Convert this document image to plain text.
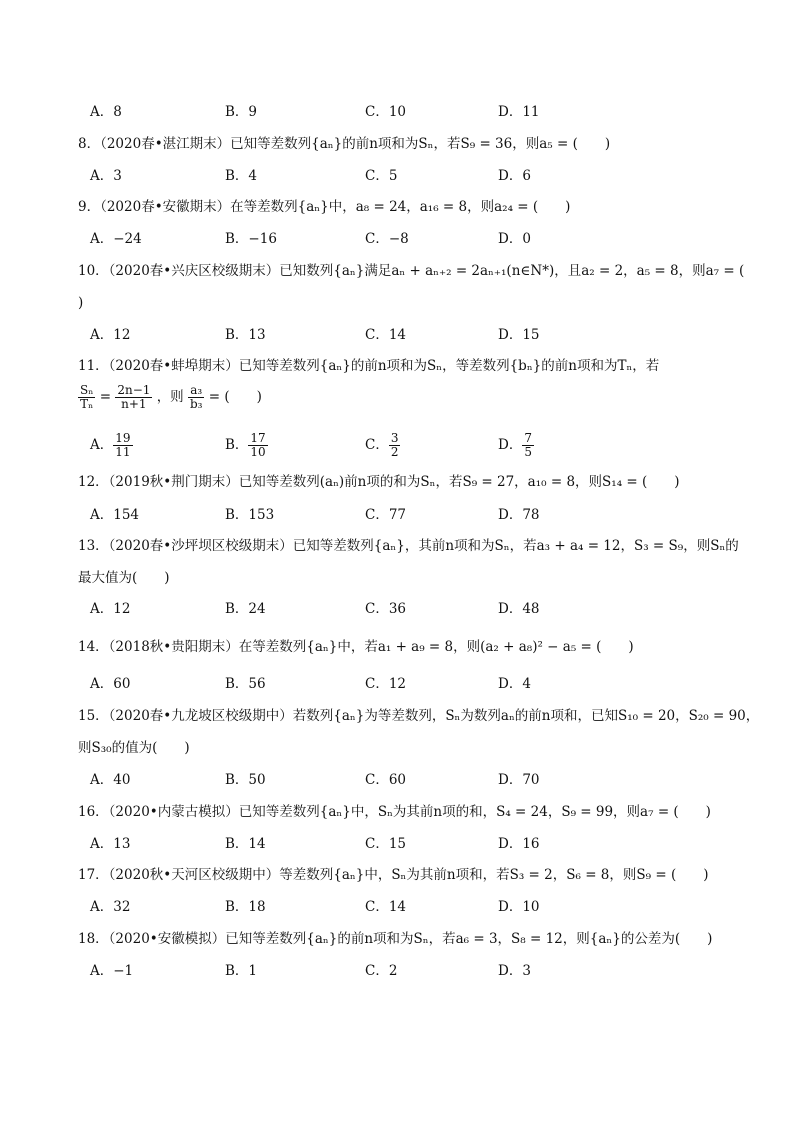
A．8	B．9	C．10	D．11
8．（2020春•湛江期末）已知等差数列{aₙ}的前n项和为Sₙ，若S₉ = 36，则a₅ = (　　)
A．3	B．4	C．5	D．6
9．（2020春•安徽期末）在等差数列{aₙ}中，a₈ = 24，a₁₆ = 8，则a₂₄ = (　　)
A．−24	B．−16	C．−8	D．0
10．（2020春•兴庆区校级期末）已知数列{aₙ}满足aₙ + aₙ₊₂ = 2aₙ₊₁(n∈N*)，且a₂ = 2，a₅ = 8，则a₇ = (
)
A．12	B．13	C．14	D．15
11．（2020春•蚌埠期末）已知等差数列{aₙ}的前n项和为Sₙ，等差数列{bₙ}的前n项和为Tₙ，若
$\frac{\text{Sₙ}}{\text{Tₙ}} = \frac{2n-1}{n+1}$ ，则 $\frac{\text{a₃}}{\text{b₃}}$ = (　　)
A． $\frac{19}{11}$	B． $\frac{17}{10}$	C． $\frac{3}{2}$	D． $\frac{7}{5}$
12．（2019秋•荆门期末）已知等差数列(aₙ)前n项的和为Sₙ，若S₉ = 27，a₁₀ = 8，则S₁₄ = (　　)
A．154	B．153	C．77	D．78
13．（2020春•沙坪坝区校级期末）已知等差数列{aₙ}，其前n项和为Sₙ，若a₃ + a₄ = 12，S₃ = S₉，则Sₙ的
最大值为(　　)
A．12	B．24	C．36	D．48
14．（2018秋•贵阳期末）在等差数列{aₙ}中，若a₁ + a₉ = 8，则(a₂ + a₈)² − a₅ = (　　)
A．60	B．56	C．12	D．4
15．（2020春•九龙坡区校级期中）若数列{aₙ}为等差数列，Sₙ为数列aₙ的前n项和，已知S₁₀ = 20，S₂₀ = 90，
则S₃₀的值为(　　)
A．40	B．50	C．60	D．70
16．（2020•内蒙古模拟）已知等差数列{aₙ}中，Sₙ为其前n项的和，S₄ = 24，S₉ = 99，则a₇ = (　　)
A．13	B．14	C．15	D．16
17．（2020秋•天河区校级期中）等差数列{aₙ}中，Sₙ为其前n项和，若S₃ = 2，S₆ = 8，则S₉ = (　　)
A．32	B．18	C．14	D．10
18．（2020•安徽模拟）已知等差数列{aₙ}的前n项和为Sₙ，若a₆ = 3，S₈ = 12，则{aₙ}的公差为(　　)
A．−1	B．1	C．2	D．3
